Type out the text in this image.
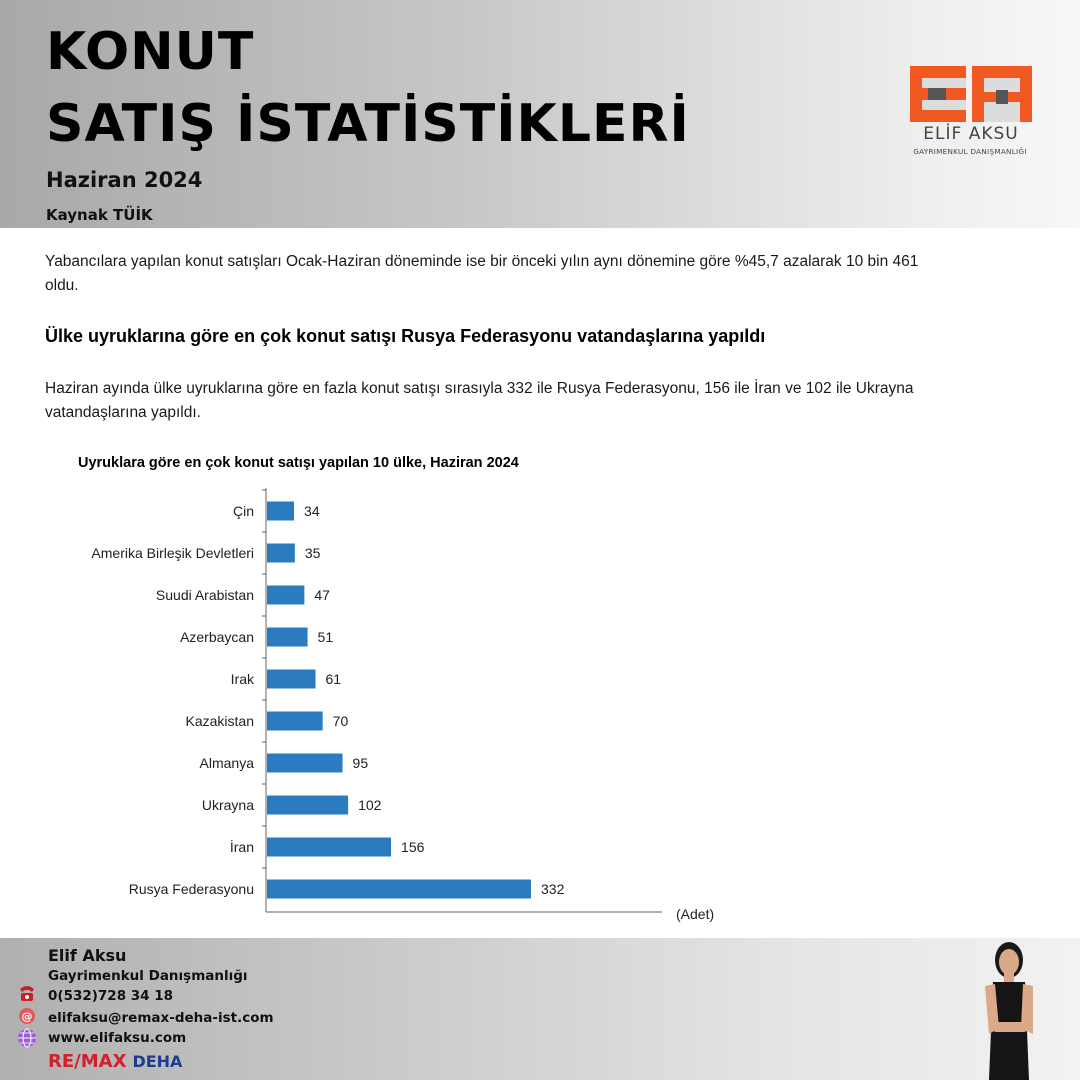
KONUT
SATIŞ İSTATİSTİKLERİ
Haziran 2024
Kaynak TÜİK
ELİF AKSU
GAYRIMENKUL DANIŞMANLIĞI
Yabancılara yapılan konut satışları Ocak-Haziran döneminde ise bir önceki yılın aynı dönemine göre %45,7 azalarak 10 bin 461 oldu.
Ülke uyruklarına göre en çok konut satışı Rusya Federasyonu vatandaşlarına yapıldı
Haziran ayında ülke uyruklarına göre en fazla konut satışı sırasıyla 332 ile Rusya Federasyonu, 156 ile İran ve 102 ile Ukrayna vatandaşlarına yapıldı.
Uyruklara göre en çok konut satışı yapılan 10 ülke, Haziran 2024
Çin	34
Amerika Birleşik Devletleri	35
Suudi Arabistan	47
Azerbaycan	51
Irak	61
Kazakistan	70
Almanya	95
Ukrayna	102
İran	156
Rusya Federasyonu	332
(Adet)
Elif Aksu
Gayrimenkul Danışmanlığı
0(532)728 34 18
@ elifaksu@remax-deha-ist.com
www.elifaksu.com
RE/MAX DEHA
